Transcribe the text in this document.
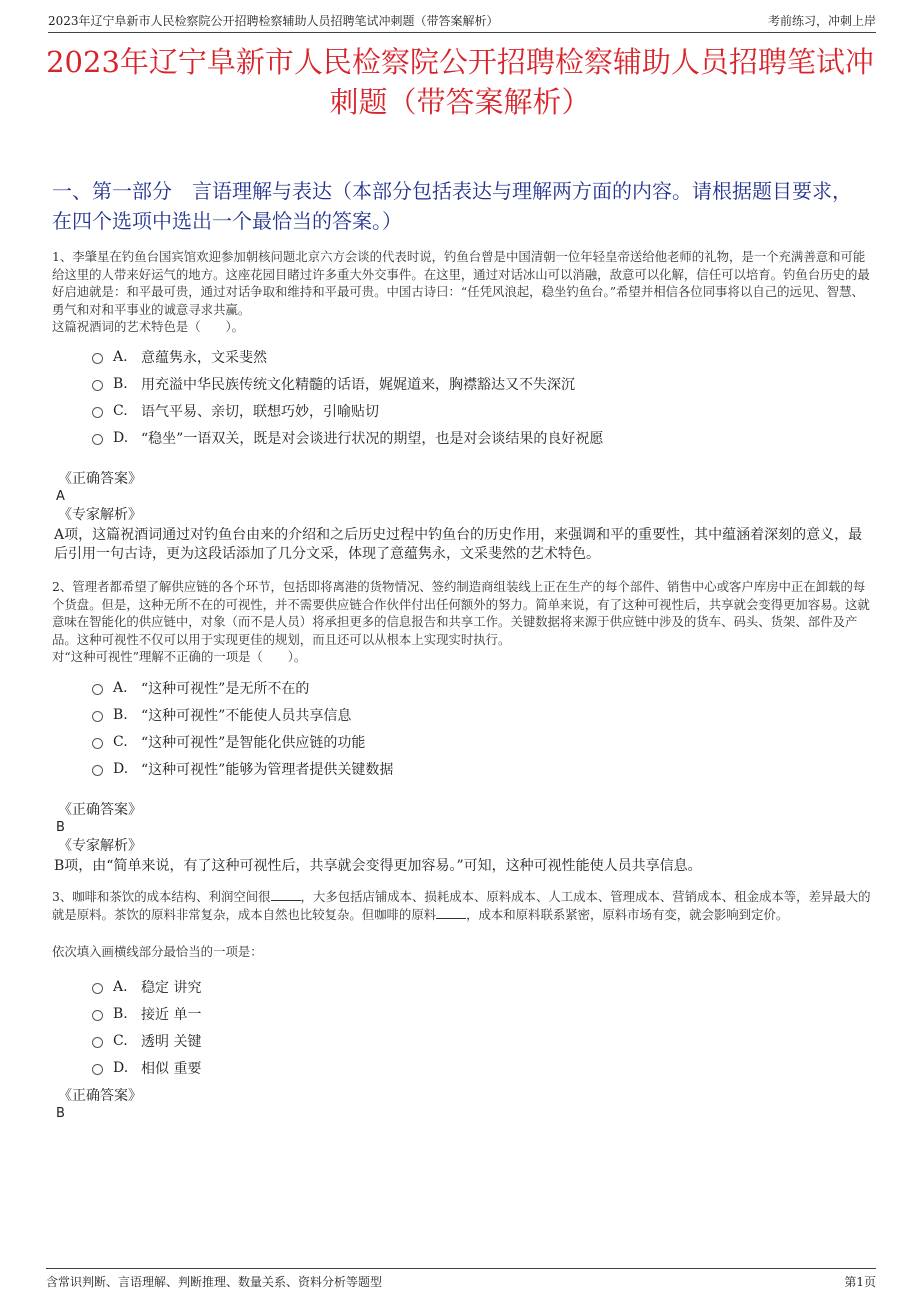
2023年辽宁阜新市人民检察院公开招聘检察辅助人员招聘笔试冲刺题（带答案解析）	考前练习，冲刺上岸
2023年辽宁阜新市人民检察院公开招聘检察辅助人员招聘笔试冲刺题（带答案解析）
一、第一部分　言语理解与表达（本部分包括表达与理解两方面的内容。请根据题目要求，在四个选项中选出一个最恰当的答案。）
1、李肇星在钓鱼台国宾馆欢迎参加朝核问题北京六方会谈的代表时说，钓鱼台曾是中国清朝一位年轻皇帝送给他老师的礼物，是一个充满善意和可能给这里的人带来好运气的地方。这座花园目睹过许多重大外交事件。在这里，通过对话冰山可以消融，敌意可以化解，信任可以培育。钓鱼台历史的最好启迪就是：和平最可贵，通过对话争取和维持和平最可贵。中国古诗曰：“任凭风浪起，稳坐钓鱼台。”希望并相信各位同事将以自己的远见、智慧、勇气和对和平事业的诚意寻求共赢。
这篇祝酒词的艺术特色是（　　）。
A. 意蕴隽永，文采斐然
B. 用充溢中华民族传统文化精髓的话语，娓娓道来，胸襟豁达又不失深沉
C. 语气平易、亲切，联想巧妙，引喻贴切
D. “稳坐”一语双关，既是对会谈进行状况的期望，也是对会谈结果的良好祝愿
《正确答案》
A
《专家解析》
A项，这篇祝酒词通过对钓鱼台由来的介绍和之后历史过程中钓鱼台的历史作用，来强调和平的重要性，其中蕴涵着深刻的意义，最后引用一句古诗，更为这段话添加了几分文采，体现了意蕴隽永，文采斐然的艺术特色。
2、管理者都希望了解供应链的各个环节，包括即将离港的货物情况、签约制造商组装线上正在生产的每个部件、销售中心或客户库房中正在卸载的每个货盘。但是，这种无所不在的可视性，并不需要供应链合作伙伴付出任何额外的努力。简单来说，有了这种可视性后，共享就会变得更加容易。这就意味在智能化的供应链中，对象（而不是人员）将承担更多的信息报告和共享工作。关键数据将来源于供应链中涉及的货车、码头、货架、部件及产品。这种可视性不仅可以用于实现更佳的规划，而且还可以从根本上实现实时执行。
对“这种可视性”理解不正确的一项是（　　）。
A. “这种可视性”是无所不在的
B. “这种可视性”不能使人员共享信息
C. “这种可视性”是智能化供应链的功能
D. “这种可视性”能够为管理者提供关键数据
《正确答案》
B
《专家解析》
B项，由“简单来说，有了这种可视性后，共享就会变得更加容易。”可知，这种可视性能使人员共享信息。
3、咖啡和茶饮的成本结构、利润空间很 ，大多包括店铺成本、损耗成本、原料成本、人工成本、管理成本、营销成本、租金成本等，差异最大的就是原料。茶饮的原料非常复杂，成本自然也比较复杂。但咖啡的原料 ，成本和原料联系紧密，原料市场有变，就会影响到定价。
依次填入画横线部分最恰当的一项是：
A. 稳定 讲究
B. 接近 单一
C. 透明 关键
D. 相似 重要
《正确答案》
B
含常识判断、言语理解、判断推理、数量关系、资料分析等题型	第1页
